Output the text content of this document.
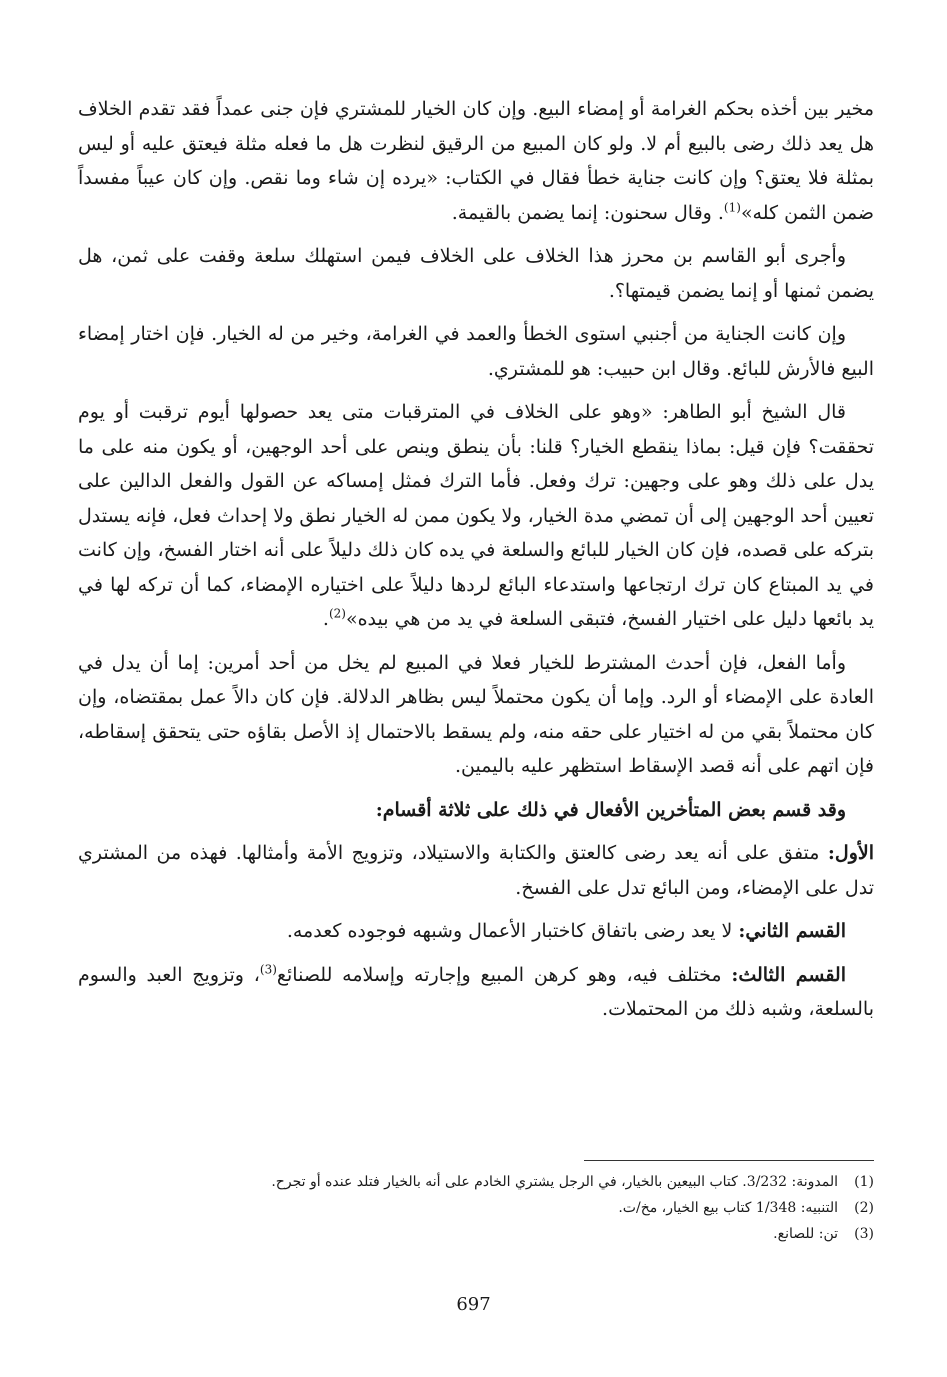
مخير بين أخذه بحكم الغرامة أو إمضاء البيع. وإن كان الخيار للمشتري فإن جنى عمداً فقد تقدم الخلاف هل يعد ذلك رضى بالبيع أم لا. ولو كان المبيع من الرقيق لنظرت هل ما فعله مثلة فيعتق عليه أو ليس بمثلة فلا يعتق؟ وإن كانت جناية خطأ فقال في الكتاب: «يرده إن شاء وما نقص. وإن كان عيباً مفسداً ضمن الثمن كله»$^{(1)}$. وقال سحنون: إنما يضمن بالقيمة.

وأجرى أبو القاسم بن محرز هذا الخلاف على الخلاف فيمن استهلك سلعة وقفت على ثمن، هل يضمن ثمنها أو إنما يضمن قيمتها؟.

وإن كانت الجناية من أجنبي استوى الخطأ والعمد في الغرامة، وخير من له الخيار. فإن اختار إمضاء البيع فالأرش للبائع. وقال ابن حبيب: هو للمشتري.

قال الشيخ أبو الطاهر: «وهو على الخلاف في المترقبات متى يعد حصولها أيوم ترقبت أو يوم تحققت؟ فإن قيل: بماذا ينقطع الخيار؟ قلنا: بأن ينطق وينص على أحد الوجهين، أو يكون منه على ما يدل على ذلك وهو على وجهين: ترك وفعل. فأما الترك فمثل إمساكه عن القول والفعل الدالين على تعيين أحد الوجهين إلى أن تمضي مدة الخيار، ولا يكون ممن له الخيار نطق ولا إحداث فعل، فإنه يستدل بتركه على قصده، فإن كان الخيار للبائع والسلعة في يده كان ذلك دليلاً على أنه اختار الفسخ، وإن كانت في يد المبتاع كان ترك ارتجاعها واستدعاء البائع لردها دليلاً على اختياره الإمضاء، كما أن تركه لها في يد بائعها دليل على اختيار الفسخ، فتبقى السلعة في يد من هي بيده»$^{(2)}$.

وأما الفعل، فإن أحدث المشترط للخيار فعلا في المبيع لم يخل من أحد أمرين: إما أن يدل في العادة على الإمضاء أو الرد. وإما أن يكون محتملاً ليس بظاهر الدلالة. فإن كان دالاً عمل بمقتضاه، وإن كان محتملاً بقي من له اختيار على حقه منه، ولم يسقط بالاحتمال إذ الأصل بقاؤه حتى يتحقق إسقاطه، فإن اتهم على أنه قصد الإسقاط استظهر عليه باليمين.

وقد قسم بعض المتأخرين الأفعال في ذلك على ثلاثة أقسام:

الأول: متفق على أنه يعد رضى كالعتق والكتابة والاستيلاد، وتزويج الأمة وأمثالها. فهذه من المشتري تدل على الإمضاء، ومن البائع تدل على الفسخ.

القسم الثاني: لا يعد رضى باتفاق كاختبار الأعمال وشبهه فوجوده كعدمه.

القسم الثالث: مختلف فيه، وهو كرهن المبيع وإجارته وإسلامه للصنائع$^{(3)}$، وتزويج العبد والسوم بالسلعة، وشبه ذلك من المحتملات.

(1)
المدونة: 3/232. كتاب البيعين بالخيار، في الرجل يشتري الخادم على أنه بالخيار فتلد عنده أو تجرح.
(2)
التنبيه: 1/348 كتاب بيع الخيار، مخ/ت.
(3)
تن: للصانع.
697
